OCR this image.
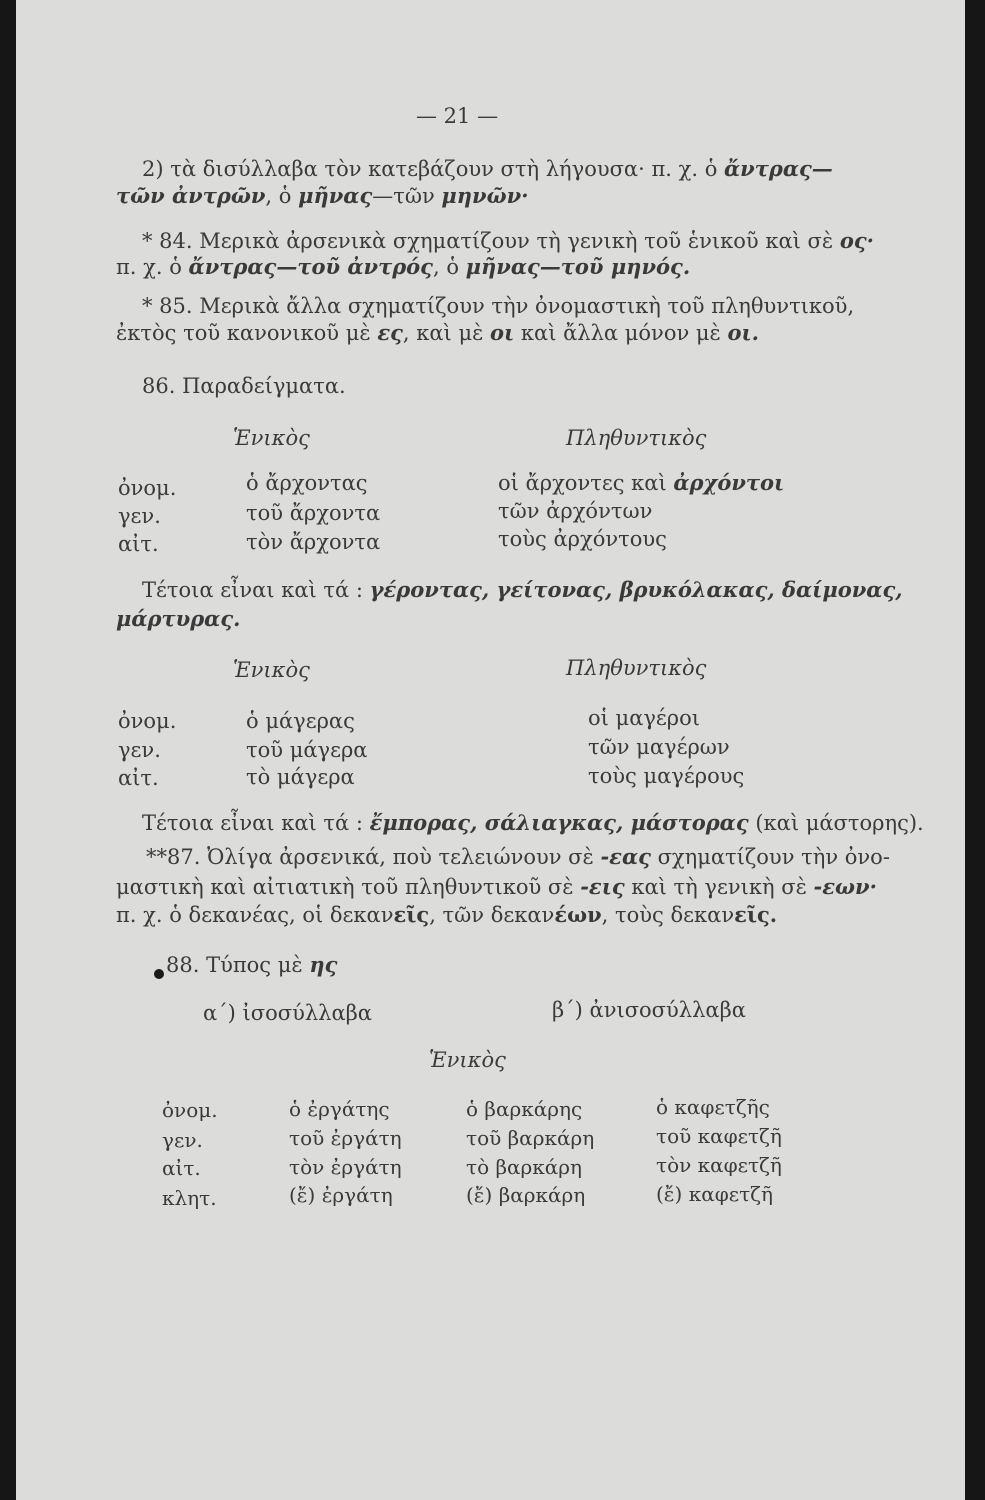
— 21 —
2) τὰ δισύλλαβα τὸν κατεβάζουν στὴ λήγουσα· π. χ. ὁ ἄντρας—
τῶν ἀντρῶν, ὁ μῆνας—τῶν μηνῶν·
* 84. Μερικὰ ἀρσενικὰ σχηματίζουν τὴ γενικὴ τοῦ ἑνικοῦ καὶ σὲ ος·
π. χ. ὁ ἄντρας—τοῦ ἀντρός, ὁ μῆνας—τοῦ μηνός.
* 85. Μερικὰ ἄλλα σχηματίζουν τὴν ὀνομαστικὴ τοῦ πληθυντικοῦ,
ἐκτὸς τοῦ κανονικοῦ μὲ ες, καὶ μὲ οι καὶ ἄλλα μόνον μὲ οι.
86. Παραδείγματα.
Ἑνικὸς	Πληθυντικὸς
ὀνομ.	ὁ ἄρχοντας	οἱ ἄρχοντες καὶ ἀρχόντοι
γεν.	τοῦ ἄρχοντα	τῶν ἀρχόντων
αἰτ.	τὸν ἄρχοντα	τοὺς ἀρχόντους
Τέτοια εἶναι καὶ τά : γέροντας, γείτονας, βρυκόλακας, δαίμονας,
μάρτυρας.
Ἑνικὸς	Πληθυντικὸς
ὀνομ.	ὁ μάγερας	οἱ μαγέροι
γεν.	τοῦ μάγερα	τῶν μαγέρων
αἰτ.	τὸ μάγερα	τοὺς μαγέρους
Τέτοια εἶναι καὶ τά : ἔμπορας, σάλιαγκας, μάστορας (καὶ μάστορης).
**87. Ὀλίγα ἀρσενικά, ποὺ τελειώνουν σὲ -εας σχηματίζουν τὴν ὀνο-
μαστικὴ καὶ αἰτιατικὴ τοῦ πληθυντικοῦ σὲ -εις καὶ τὴ γενικὴ σὲ -εων·
π. χ. ὁ δεκανέας, οἱ δεκανεῖς, τῶν δεκανέων, τοὺς δεκανεῖς.
88. Τύπος μὲ ης
α΄) ἰσοσύλλαβα	β΄) ἀνισοσύλλαβα
Ἑνικὸς
ὀνομ.	ὁ ἐργάτης	ὁ βαρκάρης	ὁ καφετζῆς
γεν.	τοῦ ἐργάτη	τοῦ βαρκάρη	τοῦ καφετζῆ
αἰτ.	τὸν ἐργάτη	τὸ βαρκάρη	τὸν καφετζῆ
κλητ.	(ἔ) ἐργάτη	(ἔ) βαρκάρη	(ἔ) καφετζῆ
